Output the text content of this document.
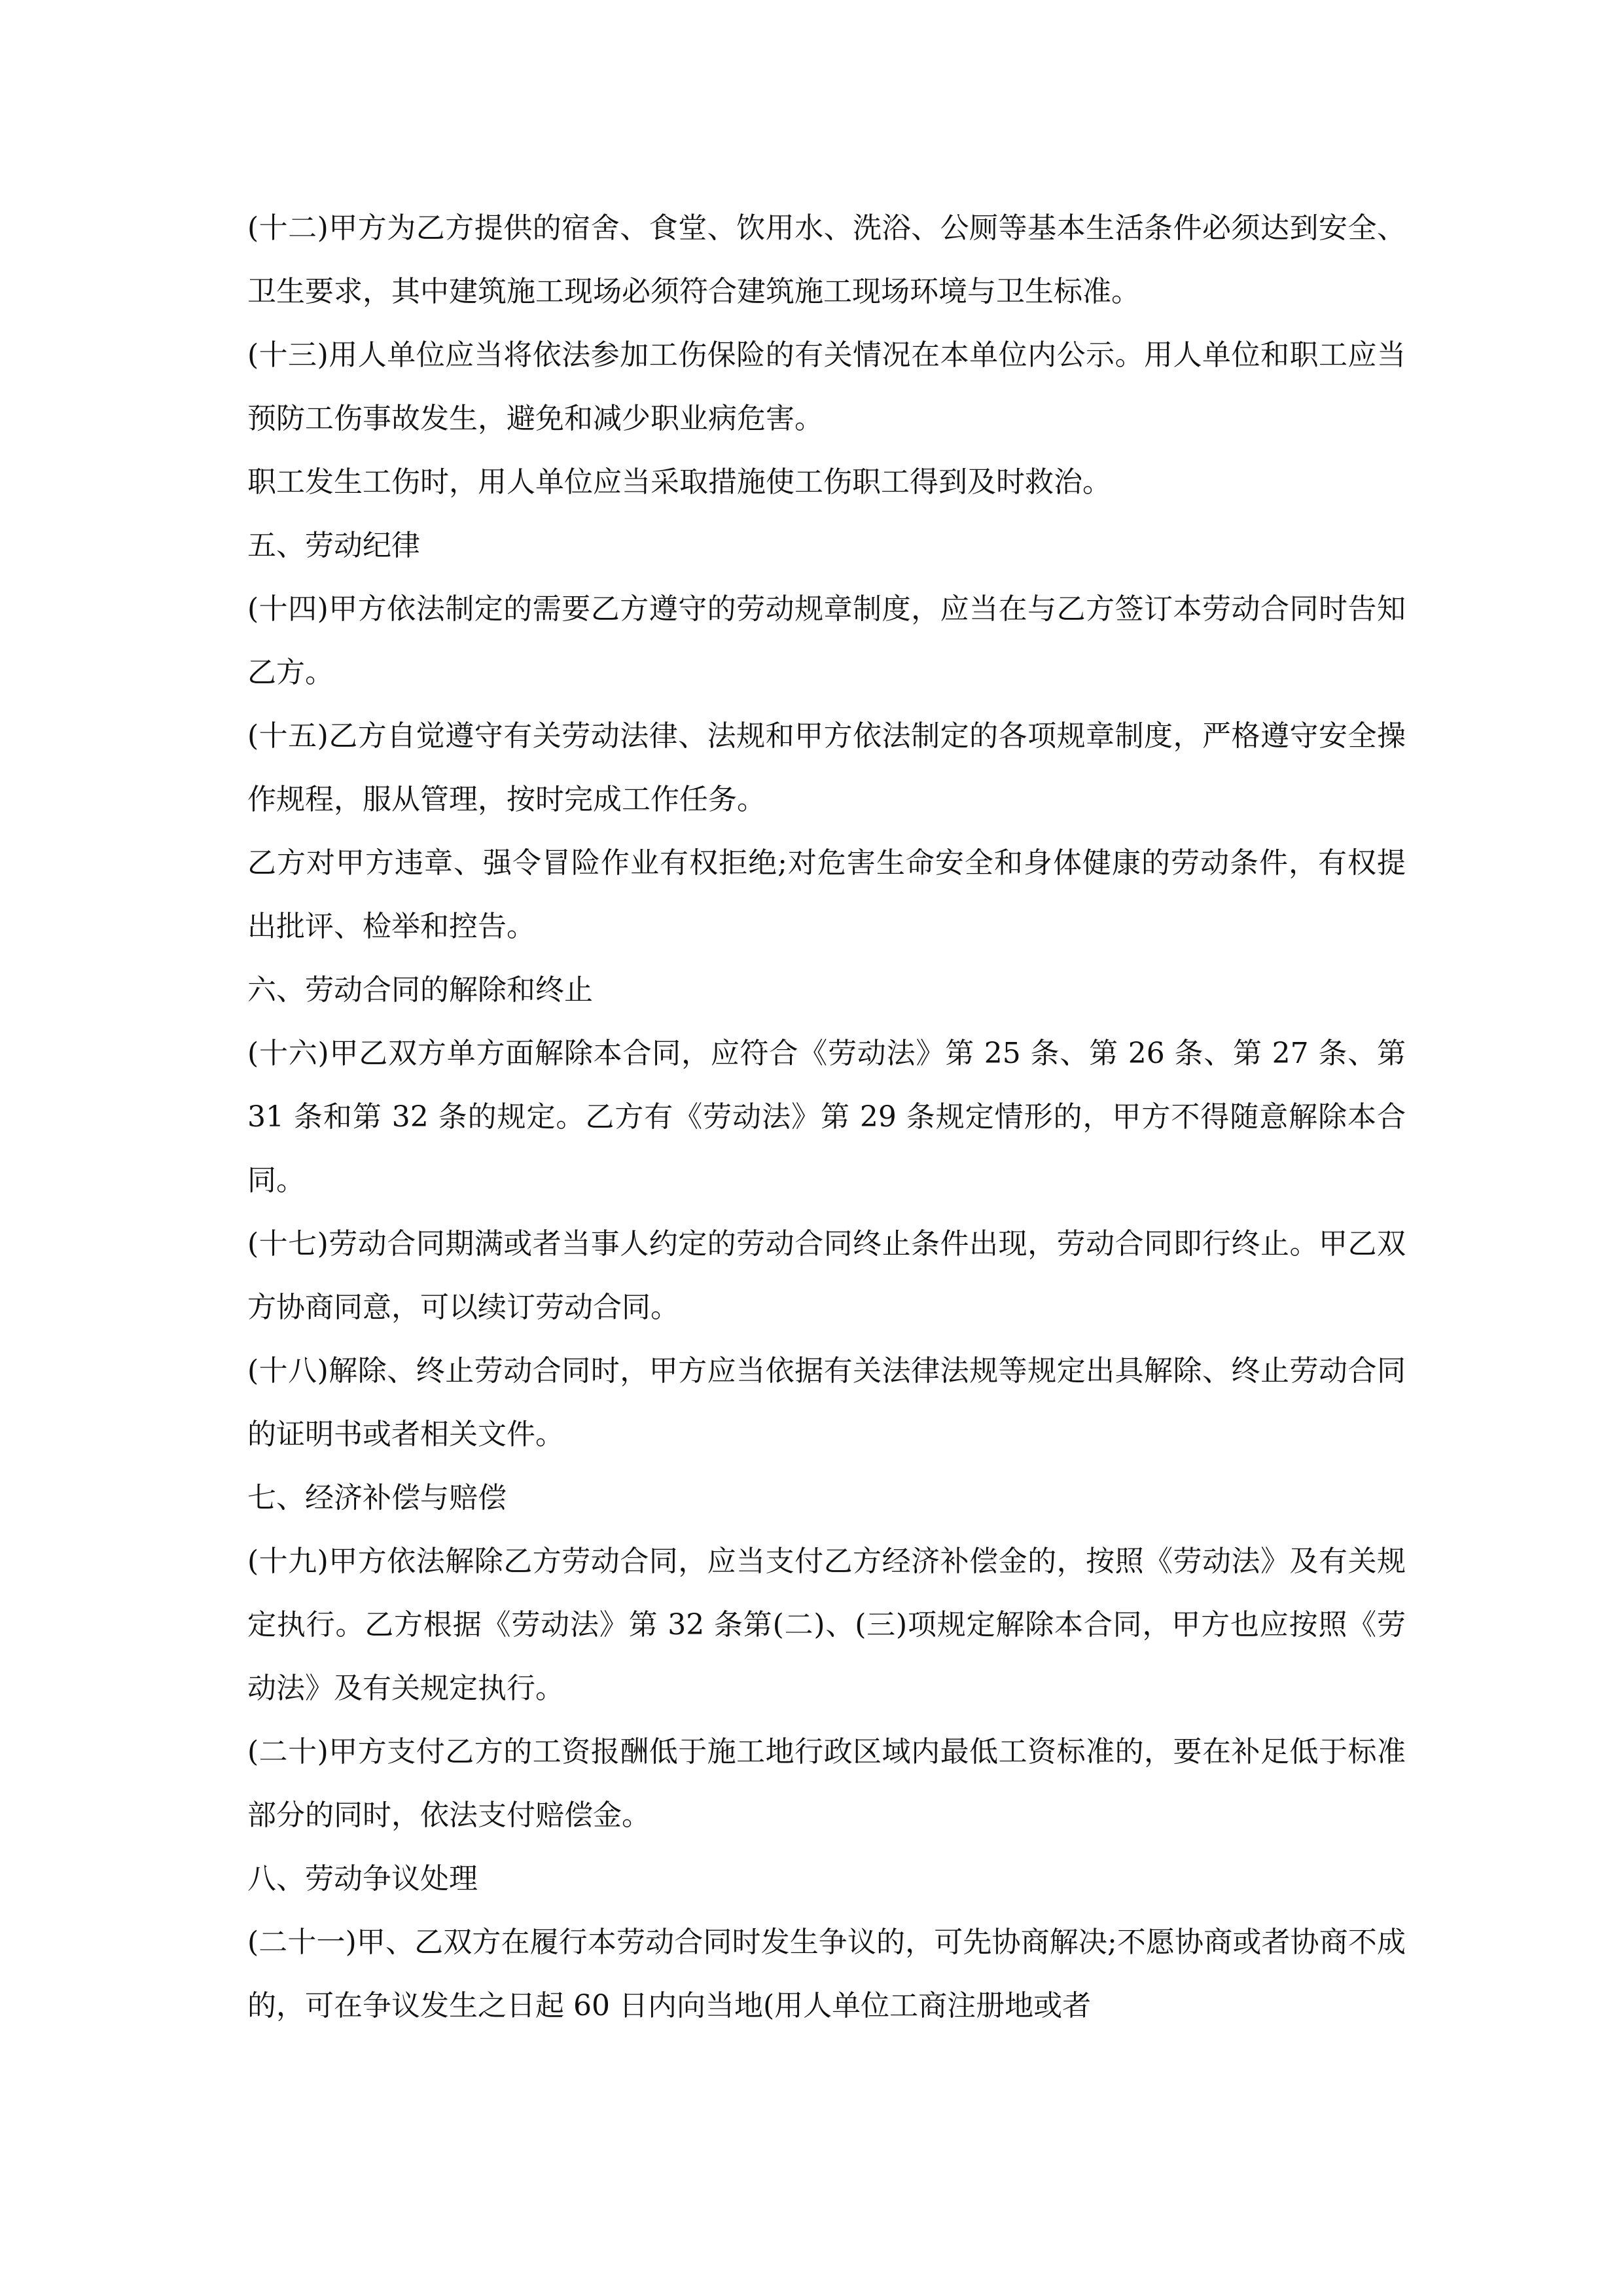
(十二)甲方为乙方提供的宿舍、食堂、饮用水、洗浴、公厕等基本生活条件必须达到安全、卫生要求，其中建筑施工现场必须符合建筑施工现场环境与卫生标准。

(十三)用人单位应当将依法参加工伤保险的有关情况在本单位内公示。用人单位和职工应当预防工伤事故发生，避免和减少职业病危害。

职工发生工伤时，用人单位应当采取措施使工伤职工得到及时救治。

五、劳动纪律

(十四)甲方依法制定的需要乙方遵守的劳动规章制度，应当在与乙方签订本劳动合同时告知乙方。

(十五)乙方自觉遵守有关劳动法律、法规和甲方依法制定的各项规章制度，严格遵守安全操作规程，服从管理，按时完成工作任务。

乙方对甲方违章、强令冒险作业有权拒绝;对危害生命安全和身体健康的劳动条件，有权提出批评、检举和控告。

六、劳动合同的解除和终止

(十六)甲乙双方单方面解除本合同，应符合《劳动法》第 25 条、第 26 条、第 27 条、第 31 条和第 32 条的规定。乙方有《劳动法》第 29 条规定情形的，甲方不得随意解除本合同。

(十七)劳动合同期满或者当事人约定的劳动合同终止条件出现，劳动合同即行终止。甲乙双方协商同意，可以续订劳动合同。

(十八)解除、终止劳动合同时，甲方应当依据有关法律法规等规定出具解除、终止劳动合同的证明书或者相关文件。

七、经济补偿与赔偿

(十九)甲方依法解除乙方劳动合同，应当支付乙方经济补偿金的，按照《劳动法》及有关规定执行。乙方根据《劳动法》第 32 条第(二)、(三)项规定解除本合同，甲方也应按照《劳动法》及有关规定执行。

(二十)甲方支付乙方的工资报酬低于施工地行政区域内最低工资标准的，要在补足低于标准部分的同时，依法支付赔偿金。

八、劳动争议处理

(二十一)甲、乙双方在履行本劳动合同时发生争议的，可先协商解决;不愿协商或者协商不成的，可在争议发生之日起 60 日内向当地(用人单位工商注册地或者
